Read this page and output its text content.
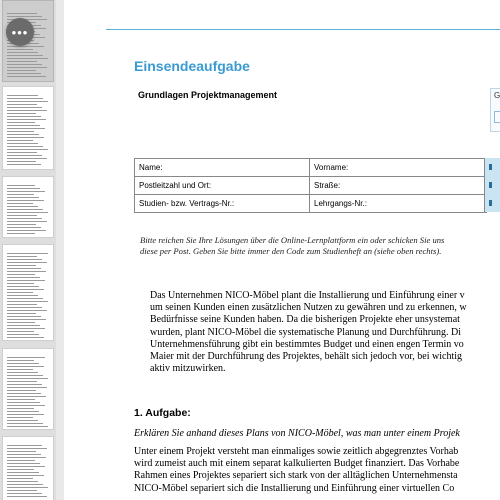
•••
Einsendeaufgabe
Grundlagen Projektmanagement	G
Name:	Vorname:
Postleitzahl und Ort:	Straße:
Studien- bzw. Vertrags-Nr.:	Lehrgangs-Nr.:
Bitte reichen Sie Ihre Lösungen über die Online-Lernplattform ein oder schicken Sie uns
diese per Post. Geben Sie bitte immer den Code zum Studienheft an (siehe oben rechts).
Das Unternehmen NICO-Möbel plant die Installierung und Einführung einer v
um seinen Kunden einen zusätzlichen Nutzen zu gewähren und zu erkennen, w
Bedürfnisse seine Kunden haben. Da die bisherigen Projekte eher unsystemat
wurden, plant NICO-Möbel die systematische Planung und Durchführung. Di
Unternehmensführung gibt ein bestimmtes Budget und einen engen Termin vo
Maier mit der Durchführung des Projektes, behält sich jedoch vor, bei wichtig
aktiv mitzuwirken.
1. Aufgabe:
Erklären Sie anhand dieses Plans von NICO-Möbel, was man unter einem Projek
Unter einem Projekt versteht man einmaliges sowie zeitlich abgegrenztes Vorhab
wird zumeist auch mit einem separat kalkulierten Budget finanziert. Das Vorhabe
Rahmen eines Projektes separiert sich stark von der alltäglichen Unternehmensta
NICO-Möbel separiert sich die Installierung und Einführung einer virtuellen Co
